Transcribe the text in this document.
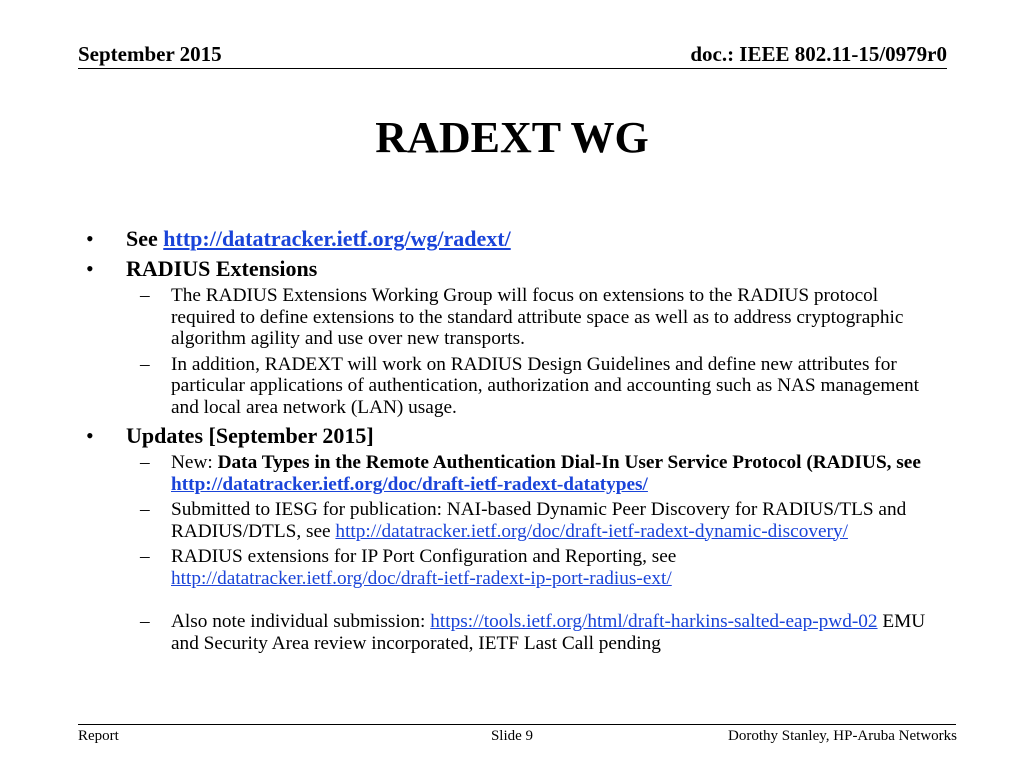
September 2015	doc.: IEEE 802.11-15/0979r0
RADEXT WG
• See http://datatracker.ietf.org/wg/radext/
• RADIUS Extensions
– The RADIUS Extensions Working Group will focus on extensions to the RADIUS protocol required to define extensions to the standard attribute space as well as to address cryptographic algorithm agility and use over new transports.
– In addition, RADEXT will work on RADIUS Design Guidelines and define new attributes for particular applications of authentication, authorization and accounting such as NAS management and local area network (LAN) usage.
• Updates [September 2015]
– New: Data Types in the Remote Authentication Dial-In User Service Protocol (RADIUS, see http://datatracker.ietf.org/doc/draft-ietf-radext-datatypes/
– Submitted to IESG for publication: NAI-based Dynamic Peer Discovery for RADIUS/TLS and RADIUS/DTLS, see http://datatracker.ietf.org/doc/draft-ietf-radext-dynamic-discovery/
– RADIUS extensions for IP Port Configuration and Reporting, see http://datatracker.ietf.org/doc/draft-ietf-radext-ip-port-radius-ext/
– Also note individual submission: https://tools.ietf.org/html/draft-harkins-salted-eap-pwd-02 EMU and Security Area review incorporated, IETF Last Call pending
Report	Slide 9	Dorothy Stanley, HP-Aruba Networks
